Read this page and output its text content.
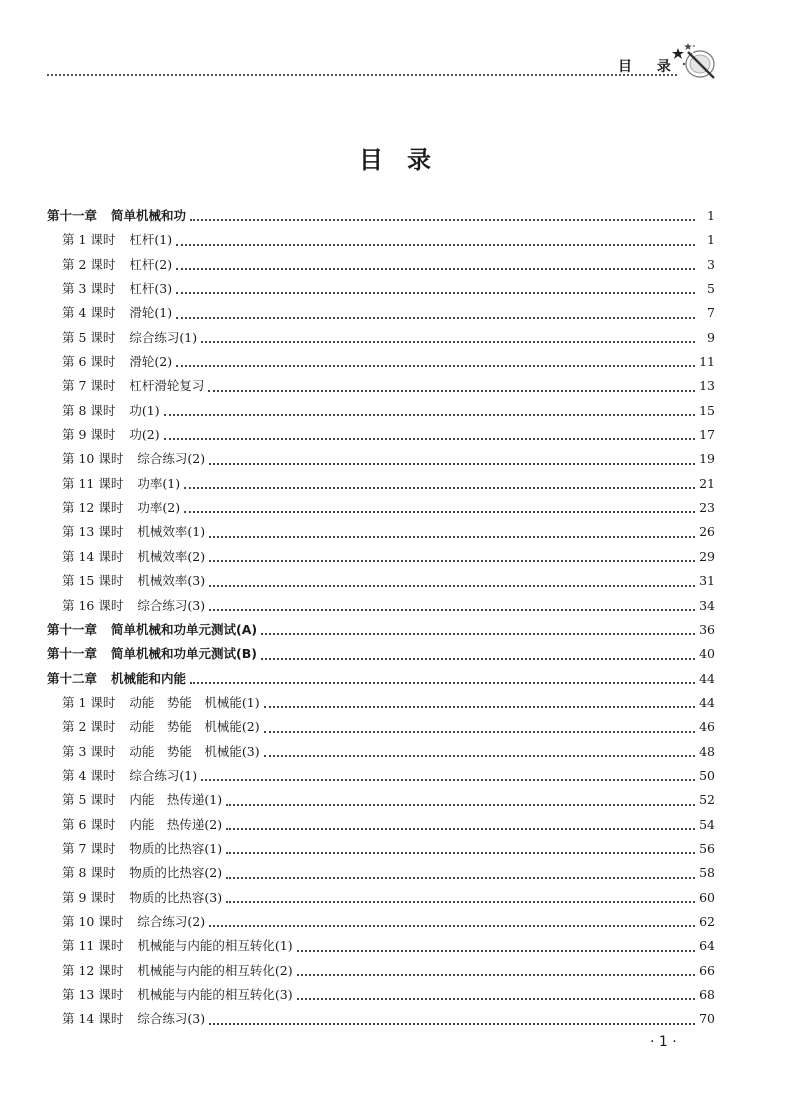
目 录
目　录
第十一章 简单机械和功	1
第 1 课时 杠杆(1)	1
第 2 课时 杠杆(2)	3
第 3 课时 杠杆(3)	5
第 4 课时 滑轮(1)	7
第 5 课时 综合练习(1)	9
第 6 课时 滑轮(2)	11
第 7 课时 杠杆滑轮复习	13
第 8 课时 功(1)	15
第 9 课时 功(2)	17
第 10 课时 综合练习(2)	19
第 11 课时 功率(1)	21
第 12 课时 功率(2)	23
第 13 课时 机械效率(1)	26
第 14 课时 机械效率(2)	29
第 15 课时 机械效率(3)	31
第 16 课时 综合练习(3)	34
第十一章 简单机械和功单元测试(A)	36
第十一章 简单机械和功单元测试(B)	40
第十二章 机械能和内能	44
第 1 课时 动能　势能　机械能(1)	44
第 2 课时 动能　势能　机械能(2)	46
第 3 课时 动能　势能　机械能(3)	48
第 4 课时 综合练习(1)	50
第 5 课时 内能　热传递(1)	52
第 6 课时 内能　热传递(2)	54
第 7 课时 物质的比热容(1)	56
第 8 课时 物质的比热容(2)	58
第 9 课时 物质的比热容(3)	60
第 10 课时 综合练习(2)	62
第 11 课时 机械能与内能的相互转化(1)	64
第 12 课时 机械能与内能的相互转化(2)	66
第 13 课时 机械能与内能的相互转化(3)	68
第 14 课时 综合练习(3)	70
· 1 ·
